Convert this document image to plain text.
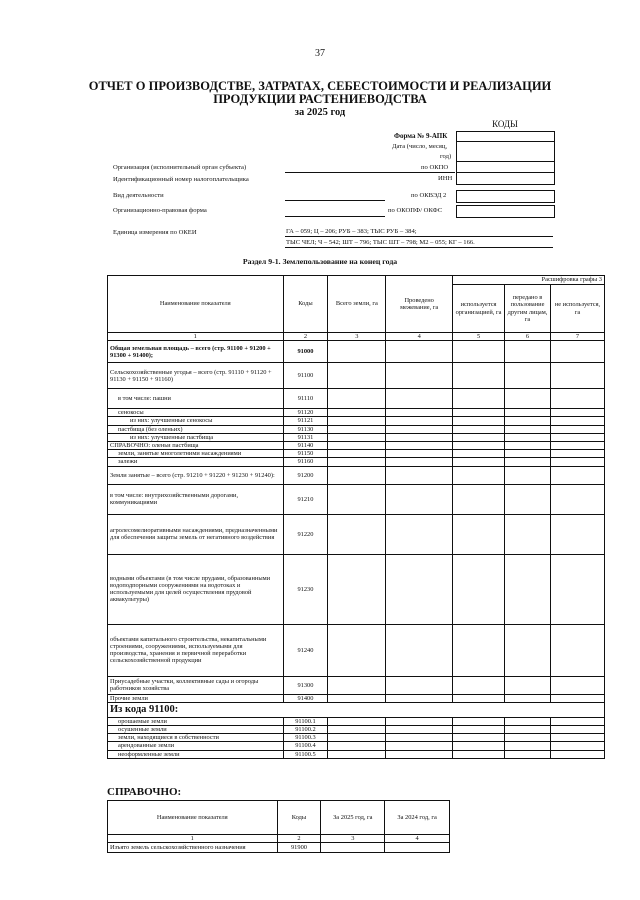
37
ОТЧЕТ О ПРОИЗВОДСТВЕ, ЗАТРАТАХ, СЕБЕСТОИМОСТИ И РЕАЛИЗАЦИИ
ПРОДУКЦИИ РАСТЕНИЕВОДСТВА
за 2025 год
КОДЫ
Форма № 9-АПК
Дата (число, месяц,
год)
по ОКПО
ИНН
по ОКВЭД 2
по ОКОПФ/ ОКФС
Организация (исполнительный орган субъекта)
Идентификационный номер налогоплательщика
Вид деятельности
Организационно-правовая форма
Единица измерения по ОКЕИ	ГА – 059; Ц – 206; РУБ – 383; ТЫС РУБ – 384;
ТЫС ЧЕЛ; Ч – 542; ШТ – 796; ТЫС ШТ – 798; М2 – 055; КГ – 166.
Раздел 9-1. Землепользование на конец года
Наименование показателя	Коды	Всего земли, га	Проведено межевание, га	Расшифровка графы 3		
				используется организацией, га	передано в пользование другим лицам, га	не используется, га
1	2	3	4	5	6	7
Общая земельная площадь – всего (стр. 91100 + 91200 + 91300 + 91400);	91000					
Сельскохозяйственные угодья – всего (стр. 91110 + 91120 + 91130 + 91150 + 91160)	91100					
в том числе: пашни	91110					
сенокосы	91120					
из них: улучшенные сенокосы	91121					
пастбища (без оленьих)	91130					
из них: улучшенные пастбища	91131					
СПРАВОЧНО: оленьи пастбища	91140					
земли, занятые многолетними насаждениями	91150					
залежи	91160					
Земли занятые – всего (стр. 91210 + 91220 + 91230 + 91240):	91200					
в том числе: внутрихозяйственными дорогами, коммуникациями	91210					
агролесомелиоративными насаждениями, предназначенными для обеспечения защиты земель от негативного воздействия	91220					
водными объектами (в том числе прудами, образованными водоподпорными сооружениями на водотоках и используемыми для целей осуществления прудовой аквакультуры)	91230					
объектами капитального строительства, некапитальными строениями, сооружениями, используемыми для производства, хранения и первичной переработки сельскохозяйственной продукции	91240					
Приусадебные участки, коллективные сады и огороды работников хозяйства	91300					
Прочие земли	91400					
Из кода 91100:						
орошаемые земли	91100.1					
осушенные земли	91100.2					
земли, находящиеся в собственности	91100.3					
арендованные земли	91100.4					
неоформленные земли	91100.5					
СПРАВОЧНО:
Наименование показателя	Коды	За 2025 год, га	За 2024 год, га
1	2	3	4
Изъято земель сельскохозяйственного назначения	91900		
